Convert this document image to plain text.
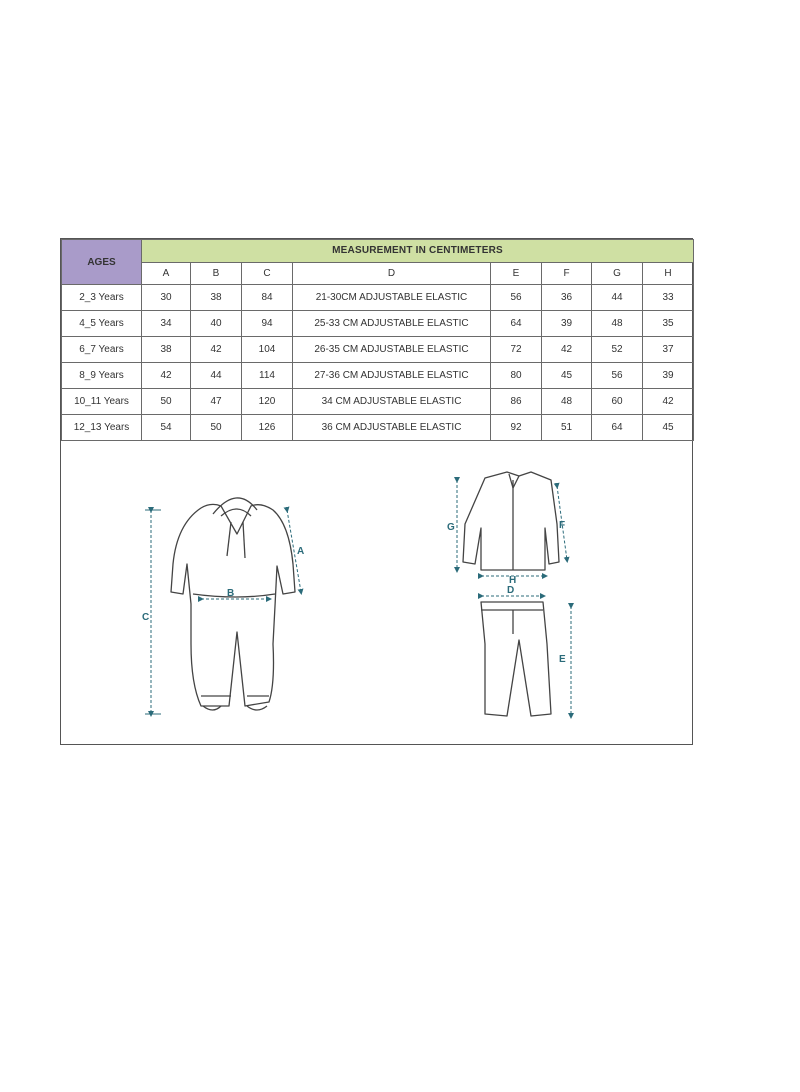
AGES	MEASUREMENT IN CENTIMETERS							
	A	B	C	D	E	F	G	H
2_3 Years	30	38	84	21-30CM ADJUSTABLE ELASTIC	56	36	44	33
4_5 Years	34	40	94	25-33 CM ADJUSTABLE ELASTIC	64	39	48	35
6_7 Years	38	42	104	26-35 CM ADJUSTABLE ELASTIC	72	42	52	37
8_9 Years	42	44	114	27-36 CM ADJUSTABLE ELASTIC	80	45	56	39
10_11 Years	50	47	120	34 CM ADJUSTABLE ELASTIC	86	48	60	42
12_13 Years	54	50	126	36 CM ADJUSTABLE ELASTIC	92	51	64	45
C
B
A
G
H
F
D
E
